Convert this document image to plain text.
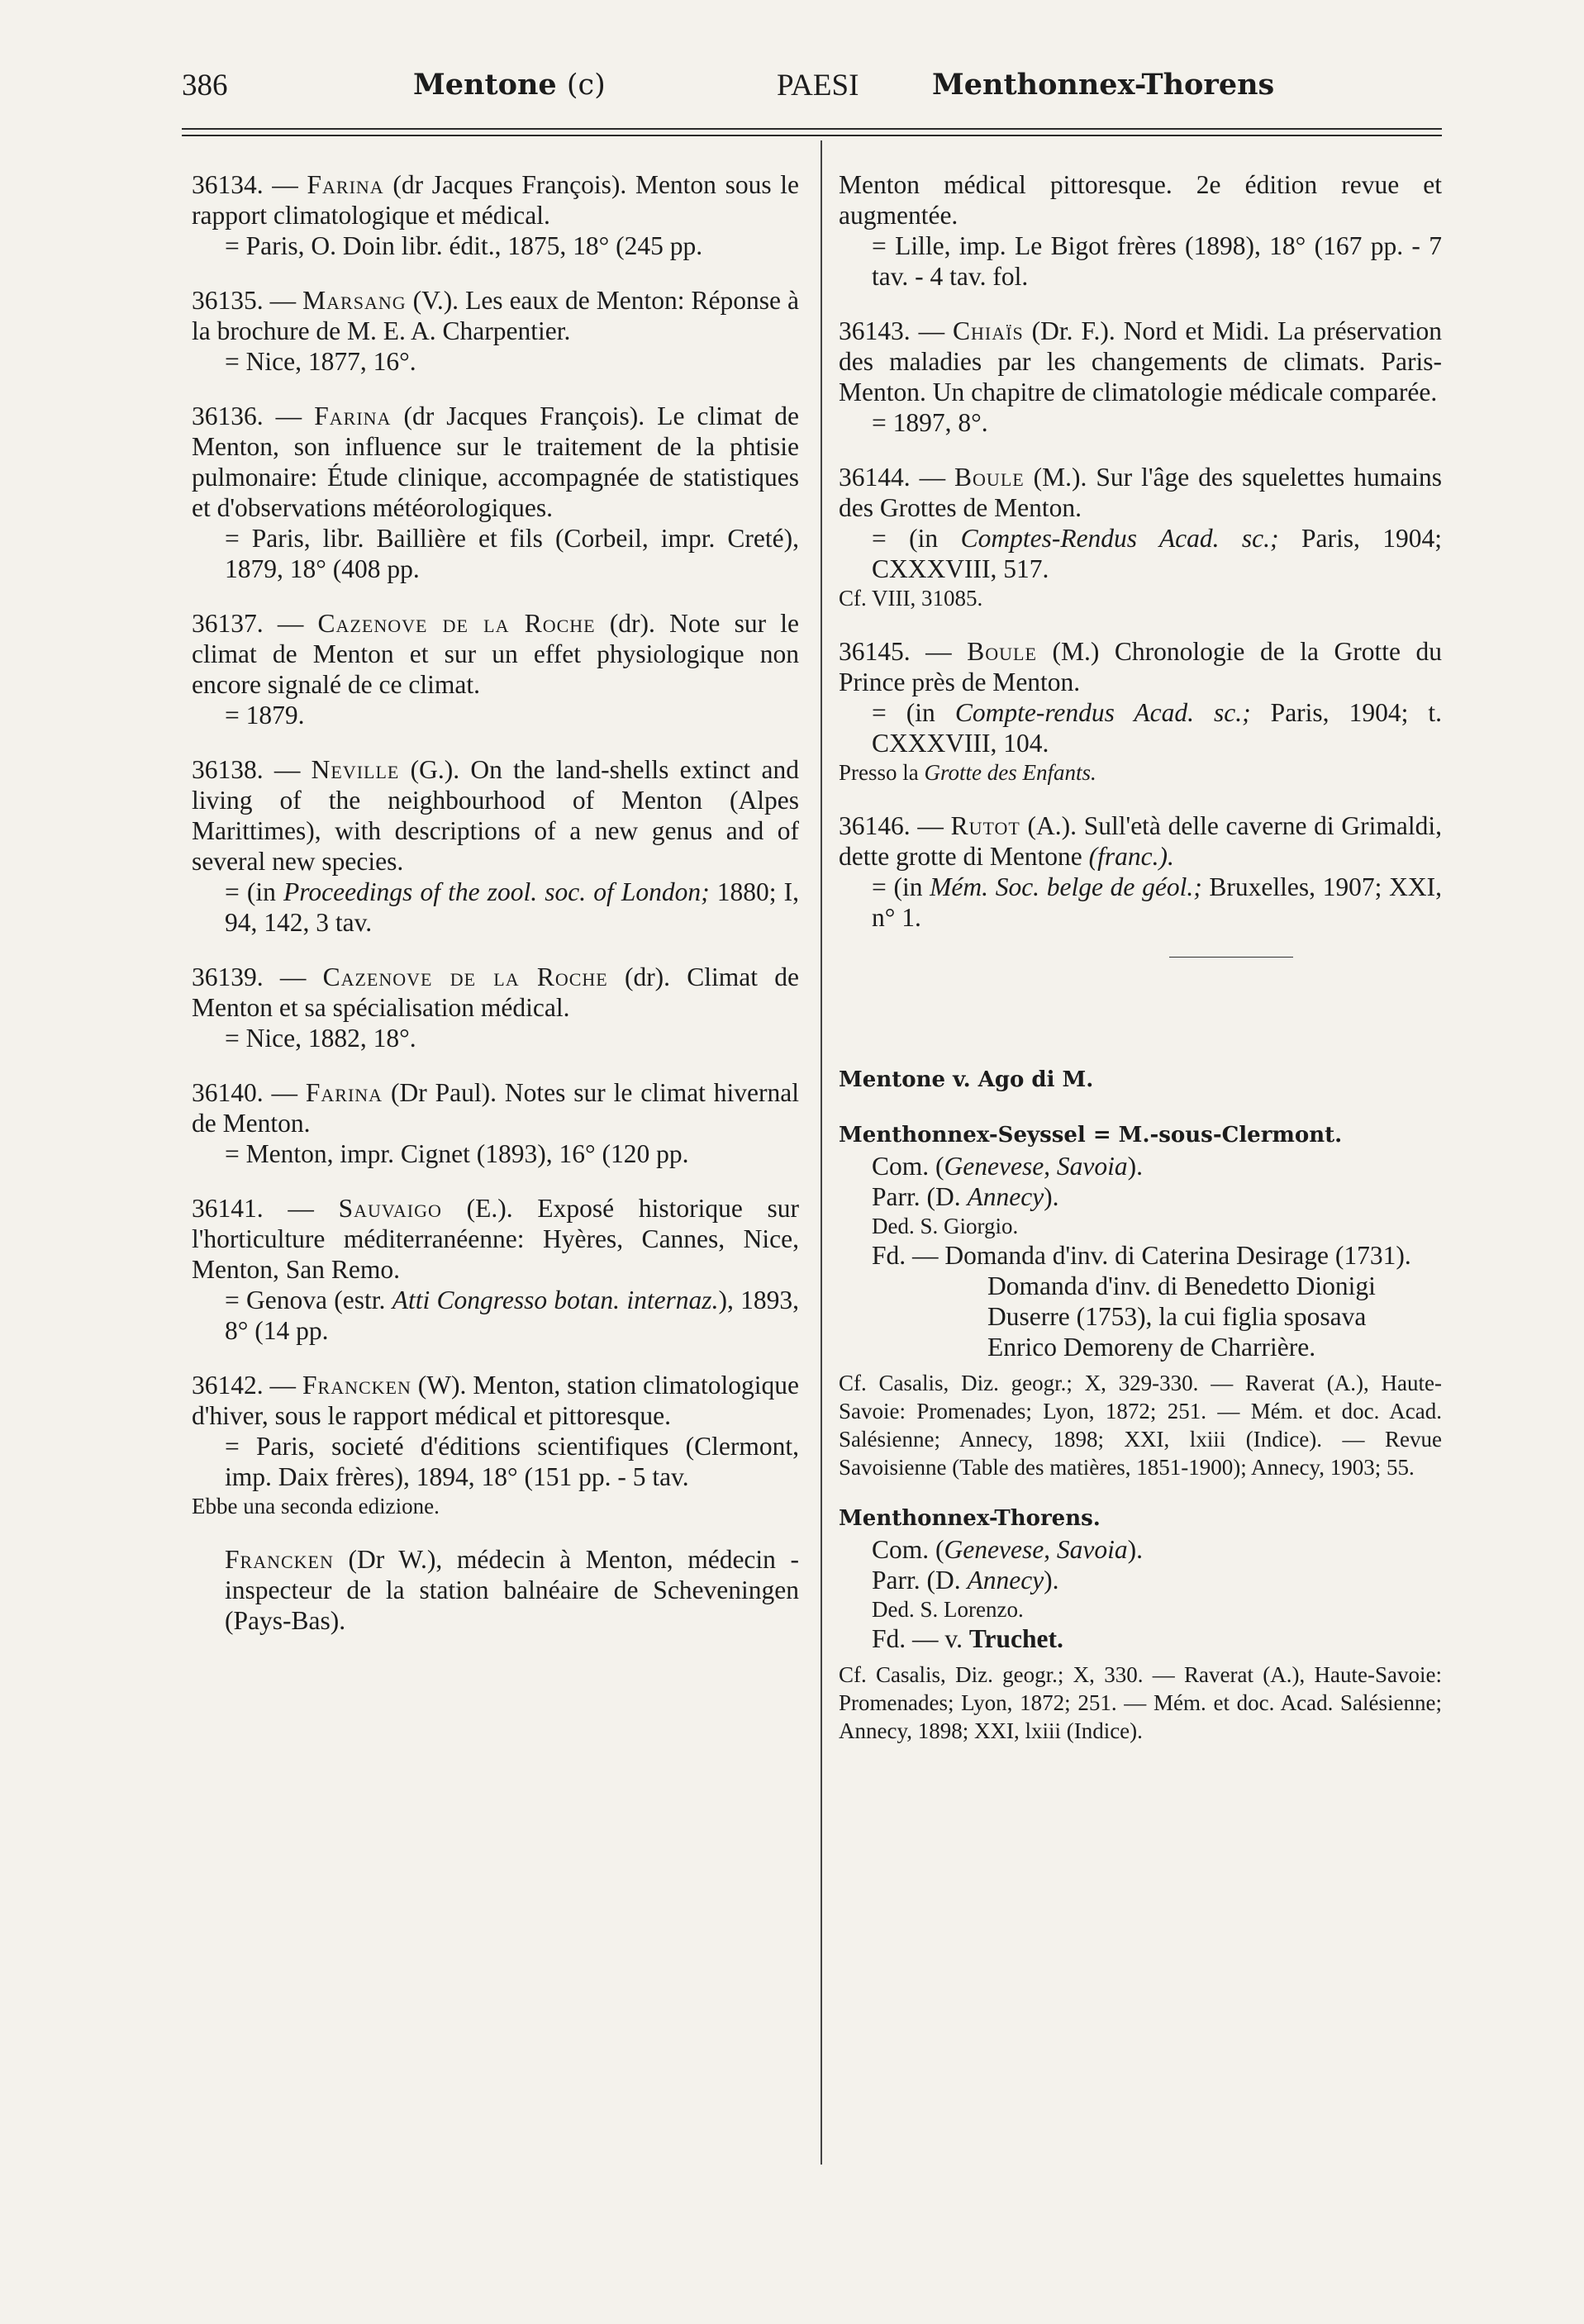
386	Mentone (c)	PAESI	Menthonnex-Thorens

36134. — Farina (dr Jacques François). Menton sous le rapport climatologique et médical.

= Paris, O. Doin libr. édit., 1875, 18° (245 pp.

36135. — Marsang (V.). Les eaux de Menton: Réponse à la brochure de M. E. A. Charpentier.

= Nice, 1877, 16°.

36136. — Farina (dr Jacques François). Le climat de Menton, son influence sur le traitement de la phtisie pulmonaire: Étude clinique, accompagnée de statistiques et d'observations météorologiques.

= Paris, libr. Baillière et fils (Corbeil, impr. Creté), 1879, 18° (408 pp.

36137. — Cazenove de la Roche (dr). Note sur le climat de Menton et sur un effet physiologique non encore signalé de ce climat.

= 1879.

36138. — Neville (G.). On the land-shells extinct and living of the neighbourhood of Menton (Alpes Marittimes), with descriptions of a new genus and of several new species.

= (in Proceedings of the zool. soc. of London; 1880; I, 94, 142, 3 tav.

36139. — Cazenove de la Roche (dr). Climat de Menton et sa spécialisation médical.

= Nice, 1882, 18°.

36140. — Farina (Dr Paul). Notes sur le climat hivernal de Menton.

= Menton, impr. Cignet (1893), 16° (120 pp.

36141. — Sauvaigo (E.). Exposé historique sur l'horticulture méditerranéenne: Hyères, Cannes, Nice, Menton, San Remo.

= Genova (estr. Atti Congresso botan. internaz.), 1893, 8° (14 pp.

36142. — Francken (W). Menton, station climatologique d'hiver, sous le rapport médical et pittoresque.

= Paris, societé d'éditions scientifiques (Clermont, imp. Daix frères), 1894, 18° (151 pp. - 5 tav.

Ebbe una seconda edizione.

Francken (Dr W.), médecin à Menton, médecin - inspecteur de la station balnéaire de Scheveningen (Pays-Bas).

Menton médical pittoresque. 2e édition revue et augmentée.

= Lille, imp. Le Bigot frères (1898), 18° (167 pp. - 7 tav. - 4 tav. fol.

36143. — Chiaïs (Dr. F.). Nord et Midi. La préservation des maladies par les changements de climats. Paris-Menton. Un chapitre de climatologie médicale comparée.

= 1897, 8°.

36144. — Boule (M.). Sur l'âge des squelettes humains des Grottes de Menton.

= (in Comptes-Rendus Acad. sc.; Paris, 1904; CXXXVIII, 517.

Cf. VIII, 31085.

36145. — Boule (M.) Chronologie de la Grotte du Prince près de Menton.

= (in Compte-rendus Acad. sc.; Paris, 1904; t. CXXXVIII, 104.

Presso la Grotte des Enfants.

36146. — Rutot (A.). Sull'età delle caverne di Grimaldi, dette grotte di Mentone (franc.).

= (in Mém. Soc. belge de géol.; Bruxelles, 1907; XXI, n° 1.

Mentone v. Ago di M.

Menthonnex-Seyssel = M.-sous-Clermont.

Com. (Genevese, Savoia).

Parr. (D. Annecy).

Ded. S. Giorgio.

Fd. — Domanda d'inv. di Caterina Desirage (1731).

Domanda d'inv. di Benedetto Dionigi Duserre (1753), la cui figlia sposava Enrico Demoreny de Charrière.

Cf. Casalis, Diz. geogr.; X, 329-330. — Raverat (A.), Haute-Savoie: Promenades; Lyon, 1872; 251. — Mém. et doc. Acad. Salésienne; Annecy, 1898; XXI, lxiii (Indice). — Revue Savoisienne (Table des matières, 1851-1900); Annecy, 1903; 55.

Menthonnex-Thorens.

Com. (Genevese, Savoia).

Parr. (D. Annecy).

Ded. S. Lorenzo.

Fd. — v. Truchet.

Cf. Casalis, Diz. geogr.; X, 330. — Raverat (A.), Haute-Savoie: Promenades; Lyon, 1872; 251. — Mém. et doc. Acad. Salésienne; Annecy, 1898; XXI, lxiii (Indice).
